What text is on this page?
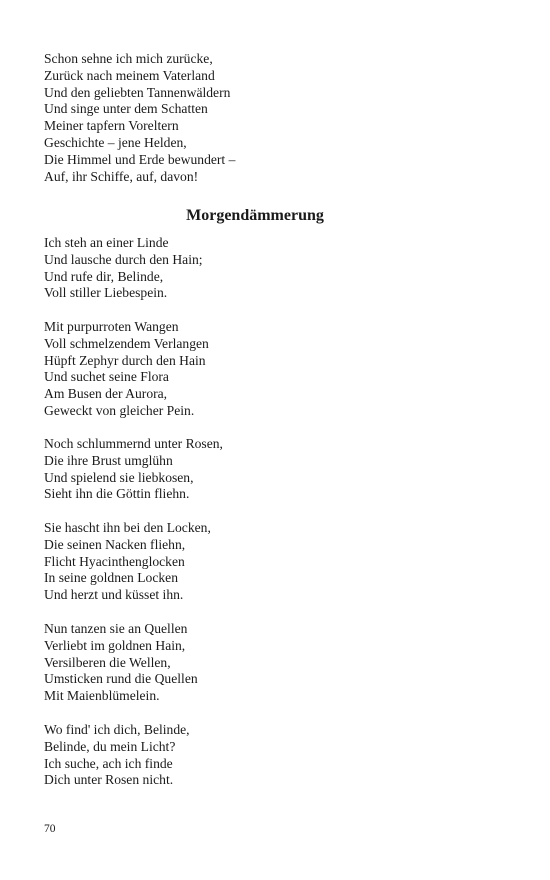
Schon sehne ich mich zurücke,
Zurück nach meinem Vaterland
Und den geliebten Tannenwäldern
Und singe unter dem Schatten
Meiner tapfern Voreltern
Geschichte – jene Helden,
Die Himmel und Erde bewundert –
Auf, ihr Schiffe, auf, davon!
Morgendämmerung
Ich steh an einer Linde
Und lausche durch den Hain;
Und rufe dir, Belinde,
Voll stiller Liebespein.
Mit purpurroten Wangen
Voll schmelzendem Verlangen
Hüpft Zephyr durch den Hain
Und suchet seine Flora
Am Busen der Aurora,
Geweckt von gleicher Pein.
Noch schlummernd unter Rosen,
Die ihre Brust umglühn
Und spielend sie liebkosen,
Sieht ihn die Göttin fliehn.
Sie hascht ihn bei den Locken,
Die seinen Nacken fliehn,
Flicht Hyacinthenglocken
In seine goldnen Locken
Und herzt und küsset ihn.
Nun tanzen sie an Quellen
Verliebt im goldnen Hain,
Versilberen die Wellen,
Umsticken rund die Quellen
Mit Maienblümelein.
Wo find' ich dich, Belinde,
Belinde, du mein Licht?
Ich suche, ach ich finde
Dich unter Rosen nicht.
70
